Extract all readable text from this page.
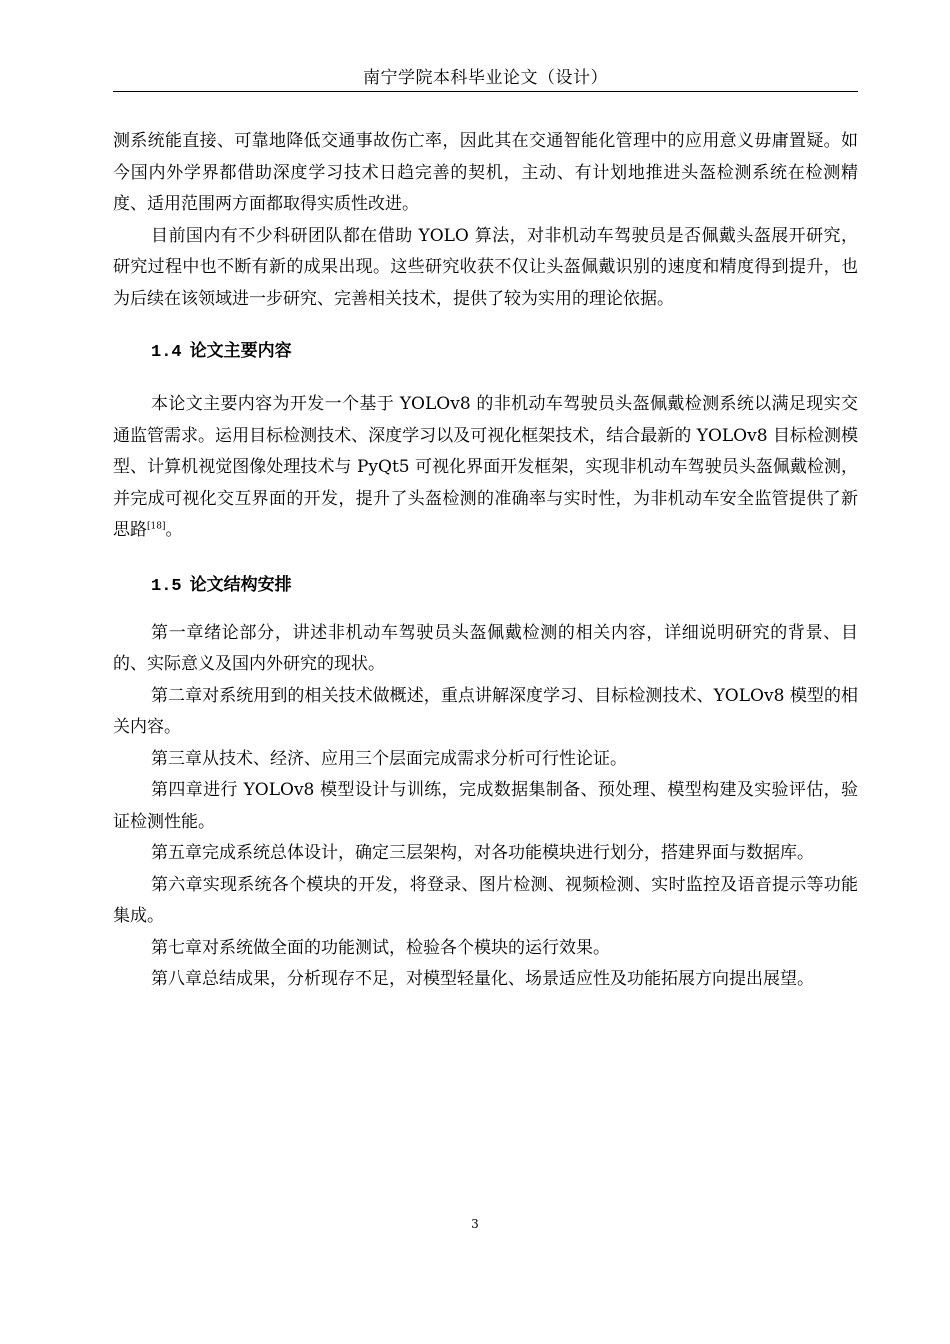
南宁学院本科毕业论文（设计）

测系统能直接、可靠地降低交通事故伤亡率，因此其在交通智能化管理中的应用意义毋庸置疑。如今国内外学界都借助深度学习技术日趋完善的契机，主动、有计划地推进头盔检测系统在检测精度、适用范围两方面都取得实质性改进。

目前国内有不少科研团队都在借助 YOLO 算法，对非机动车驾驶员是否佩戴头盔展开研究，研究过程中也不断有新的成果出现。这些研究收获不仅让头盔佩戴识别的速度和精度得到提升，也为后续在该领域进一步研究、完善相关技术，提供了较为实用的理论依据。

1.4 论文主要内容

本论文主要内容为开发一个基于 YOLOv8 的非机动车驾驶员头盔佩戴检测系统以满足现实交通监管需求。运用目标检测技术、深度学习以及可视化框架技术，结合最新的 YOLOv8 目标检测模型、计算机视觉图像处理技术与 PyQt5 可视化界面开发框架，实现非机动车驾驶员头盔佩戴检测，并完成可视化交互界面的开发，提升了头盔检测的准确率与实时性，为非机动车安全监管提供了新思路[18]。

1.5 论文结构安排

第一章绪论部分，讲述非机动车驾驶员头盔佩戴检测的相关内容，详细说明研究的背景、目的、实际意义及国内外研究的现状。

第二章对系统用到的相关技术做概述，重点讲解深度学习、目标检测技术、YOLOv8 模型的相关内容。

第三章从技术、经济、应用三个层面完成需求分析可行性论证。

第四章进行 YOLOv8 模型设计与训练，完成数据集制备、预处理、模型构建及实验评估，验证检测性能。

第五章完成系统总体设计，确定三层架构，对各功能模块进行划分，搭建界面与数据库。

第六章实现系统各个模块的开发，将登录、图片检测、视频检测、实时监控及语音提示等功能集成。

第七章对系统做全面的功能测试，检验各个模块的运行效果。

第八章总结成果，分析现存不足，对模型轻量化、场景适应性及功能拓展方向提出展望。

3
